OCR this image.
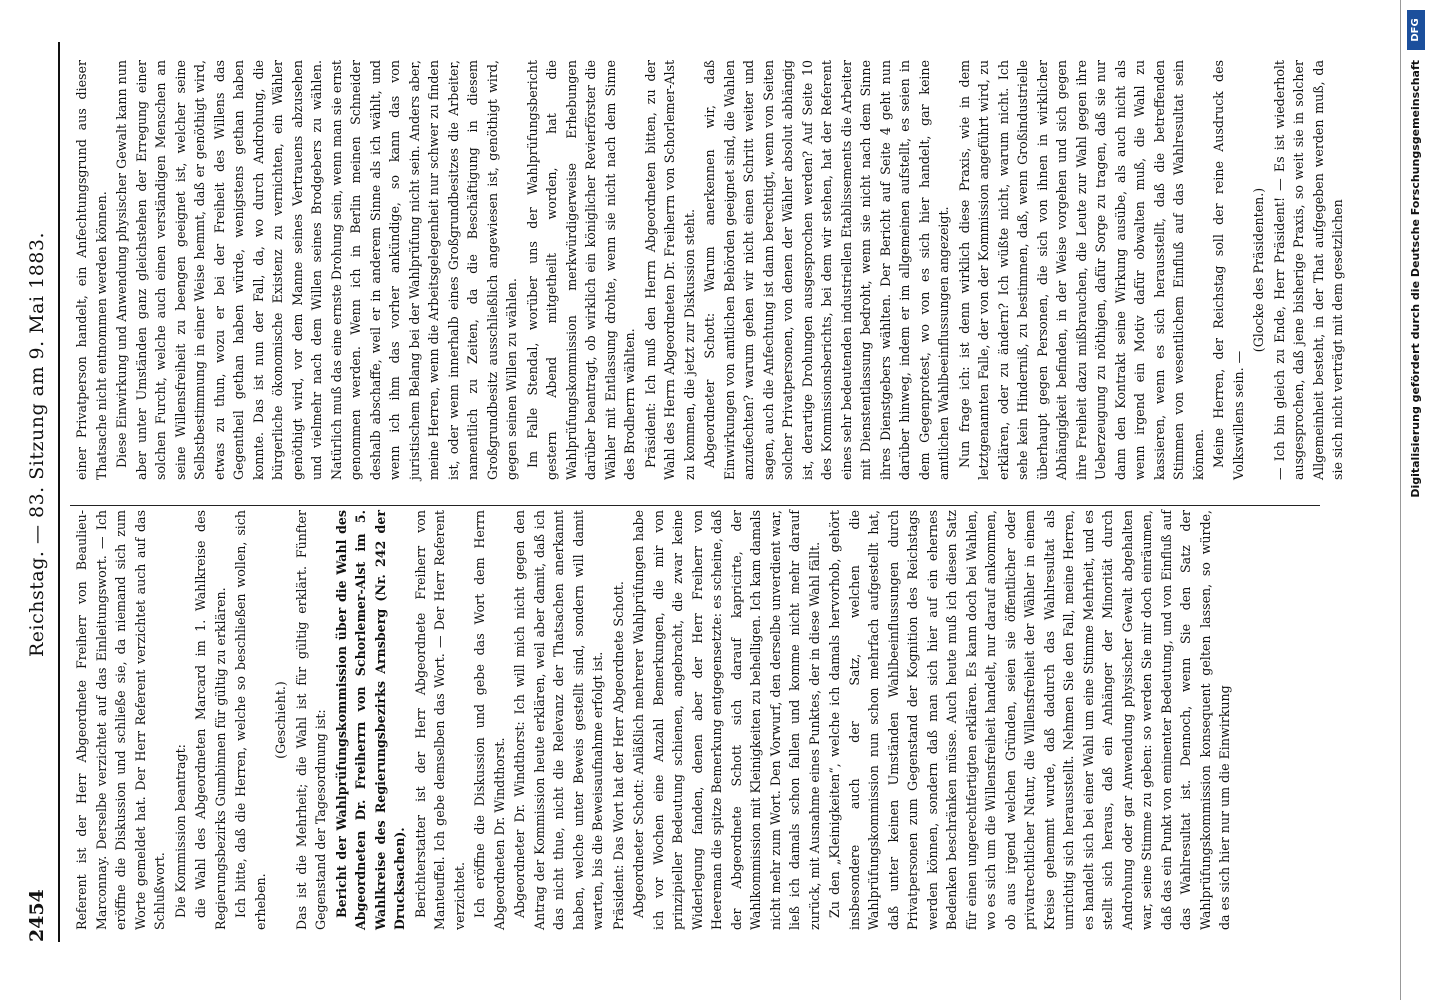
2454
Reichstag. — 83. Sitzung am 9. Mai 1883.

Referent ist der Herr Abgeordnete Freiherr von Beaulieu-Marconnay. Derselbe verzichtet auf das Einleitungswort. — Ich eröffne die Diskussion und schließe sie, da niemand sich zum Worte gemeldet hat. Der Herr Referent verzichtet auch auf das Schlußwort. Die Kommission beantragt: die Wahl des Abgeordneten Marcard im 1. Wahlkreise des Regierungsbezirks Gumbinnen für gültig zu erklären. Ich bitte, daß die Herren, welche so beschließen wollen, sich erheben.

(Geschieht.) Das ist die Mehrheit; die Wahl ist für gültig erklärt. Fünfter Gegenstand der Tagesordnung ist: Bericht der Wahlprüfungskommission über die Wahl des Abgeordneten Dr. Freiherrn von Schorlemer-Alst im 5. Wahlkreise des Regierungsbezirks Arnsberg (Nr. 242 der Drucksachen). Berichterstatter ist der Herr Abgeordnete Freiherr von Manteuffel. Ich gebe demselben das Wort. — Der Herr Referent verzichtet. Ich eröffne die Diskussion und gebe das Wort dem Herrn Abgeordneten Dr. Windthorst. Abgeordneter Dr. Windthorst: Ich will mich nicht gegen den Antrag der Kommission heute erklären, weil aber damit, daß ich das nicht thue, nicht die Relevanz der Thatsachen anerkannt haben, welche unter Beweis gestellt sind, sondern will damit warten, bis die Beweisaufnahme erfolgt ist. Präsident: Das Wort hat der Herr Abgeordnete Schott. Abgeordneter Schott: Anläßlich mehrerer Wahlprüfungen habe ich vor Wochen eine Anzahl Bemerkungen, die mir von prinzipieller Bedeutung schienen, angebracht, die zwar keine Widerlegung fanden, denen aber der Herr Freiherr von Heereman die spitze Bemerkung entgegensetzte: es scheine, daß der Abgeordnete Schott sich darauf kapricirte, der Wahlkommission mit Kleinigkeiten zu behelligen. Ich kam damals nicht mehr zum Wort. Den Vorwurf, den derselbe unverdient war, ließ ich damals schon fallen und komme nicht mehr darauf zurück, mit Ausnahme eines Punktes, der in diese Wahl fällt. Zu den „Kleinigkeiten“, welche ich damals hervorhob, gehört insbesondere auch der Satz, welchen die Wahlprüfungskommission nun schon mehrfach aufgestellt hat, daß unter keinen Umständen Wahlbeeinflussungen durch Privatpersonen zum Gegenstand der Kognition des Reichstags werden können, sondern daß man sich hier auf ein ehernes Bedenken beschränken müsse. Auch heute muß ich diesen Satz für einen ungerechtfertigten erklären. Es kann doch bei Wahlen, wo es sich um die Willensfreiheit handelt, nur darauf ankommen, ob aus irgend welchen Gründen, seien sie öffentlicher oder privatrechtlicher Natur, die Willensfreiheit der Wähler in einem Kreise gehemmt wurde, daß dadurch das Wahlresultat als unrichtig sich herausstellt. Nehmen Sie den Fall, meine Herren, es handelt sich bei einer Wahl um eine Stimme Mehrheit, und es stellt sich heraus, daß ein Anhänger der Minorität durch Androhung oder gar Anwendung physischer Gewalt abgehalten war, seine Stimme zu geben: so werden Sie mir doch einräumen, daß das ein Punkt von eminenter Bedeutung, und von Einfluß auf das Wahlresultat ist. Dennoch, wenn Sie den Satz der Wahlprüfungskommission konsequent gelten lassen, so würde, da es sich hier nur um die Einwirkung

einer Privatperson handelt, ein Anfechtungsgrund aus dieser Thatsache nicht entnommen werden können. Diese Einwirkung und Anwendung physischer Gewalt kann nun aber unter Umständen ganz gleichstehen der Erregung einer solchen Furcht, welche auch einen verständigen Menschen an seine Willensfreiheit zu beengen geeignet ist, welcher seine Selbstbestimmung in einer Weise hemmt, daß er genöthigt wird, etwas zu thun, wozu er bei der Freiheit des Willens das Gegentheil gethan haben würde, wenigstens gethan haben konnte. Das ist nun der Fall, da, wo durch Androhung, die bürgerliche ökonomische Existenz zu vernichten, ein Wähler genöthigt wird, vor dem Manne seines Vertrauens abzusehen und vielmehr nach dem Willen seines Brodgebers zu wählen. Natürlich muß das eine ernste Drohung sein, wenn man sie ernst genommen werden. Wenn ich in Berlin meinen Schneider deshalb abschaffe, weil er in anderem Sinne als ich wählt, und wenn ich ihm das vorher ankündige, so kann das von juristischem Belang bei der Wahlprüfung nicht sein. Anders aber, meine Herren, wenn die Arbeitsgelegenheit nur schwer zu finden ist, oder wenn innerhalb eines Großgrundbesitzes die Arbeiter, namentlich zu Zeiten, da die Beschäftigung in diesem Großgrundbesitz ausschließlich angewiesen ist, genöthigt wird, gegen seinen Willen zu wählen. Im Falle Stendal, worüber uns der Wahlprüfungsbericht gestern Abend mitgetheilt worden, hat die Wahlprüfungskommission merkwürdigerweise Erhebungen darüber beantragt, ob wirklich ein königlicher Revierförster die Wähler mit Entlassung drohte, wenn sie nicht nach dem Sinne des Brodherrn wählten. Präsident: Ich muß den Herrn Abgeordneten bitten, zu der Wahl des Herrn Abgeordneten Dr. Freiherrn von Schorlemer-Alst zu kommen, die jetzt zur Diskussion steht. Abgeordneter Schott: Warum anerkennen wir, daß Einwirkungen von amtlichen Behörden geeignet sind, die Wahlen anzufechten? warum gehen wir nicht einen Schritt weiter und sagen, auch die Anfechtung ist dann berechtigt, wenn von Seiten solcher Privatpersonen, von denen der Wähler absolut abhängig ist, derartige Drohungen ausgesprochen werden? Auf Seite 10 des Kommissionsberichts, bei dem wir stehen, hat der Referent eines sehr bedeutenden industriellen Etablissements die Arbeiter mit Dienstentlassung bedroht, wenn sie nicht nach dem Sinne ihres Dienstgebers wählten. Der Bericht auf Seite 4 geht nun darüber hinweg, indem er im allgemeinen aufstellt, es seien in dem Gegenprotest, wo von es sich hier handelt, gar keine amtlichen Wahlbeeinflussungen angezeigt. Nun frage ich: ist denn wirklich diese Praxis, wie in dem letztgenannten Falle, der von der Kommission angeführt wird, zu erklären, oder zu ändern? Ich wüßte nicht, warum nicht. Ich sehe kein Hinderniß, zu bestimmen, daß, wenn Großindustrielle überhaupt gegen Personen, die sich von ihnen in wirklicher Abhängigkeit befinden, in der Weise vorgehen und sich gegen ihre Freiheit dazu mißbrauchen, die Leute zur Wahl gegen ihre Ueberzeugung zu nöthigen, dafür Sorge zu tragen, daß sie nur dann den Kontrakt seine Wirkung ausübe, als auch nicht als wenn irgend ein Motiv dafür obwalten muß, die Wahl zu kassieren, wenn es sich herausstellt, daß die betreffenden Stimmen von wesentlichem Einfluß auf das Wahlresultat sein können. Meine Herren, der Reichstag soll der reine Ausdruck des Volkswillens sein. —

(Glocke des Präsidenten.) — Ich bin gleich zu Ende, Herr Präsident! — Es ist wiederholt ausgesprochen, daß jene bisherige Praxis, so weit sie in solcher Allgemeinheit besteht, in der That aufgegeben werden muß, da sie sich nicht verträgt mit dem gesetzlichen	Digitalisierung gefördert durch die Deutsche Forschungsgemeinschaft
DFG
